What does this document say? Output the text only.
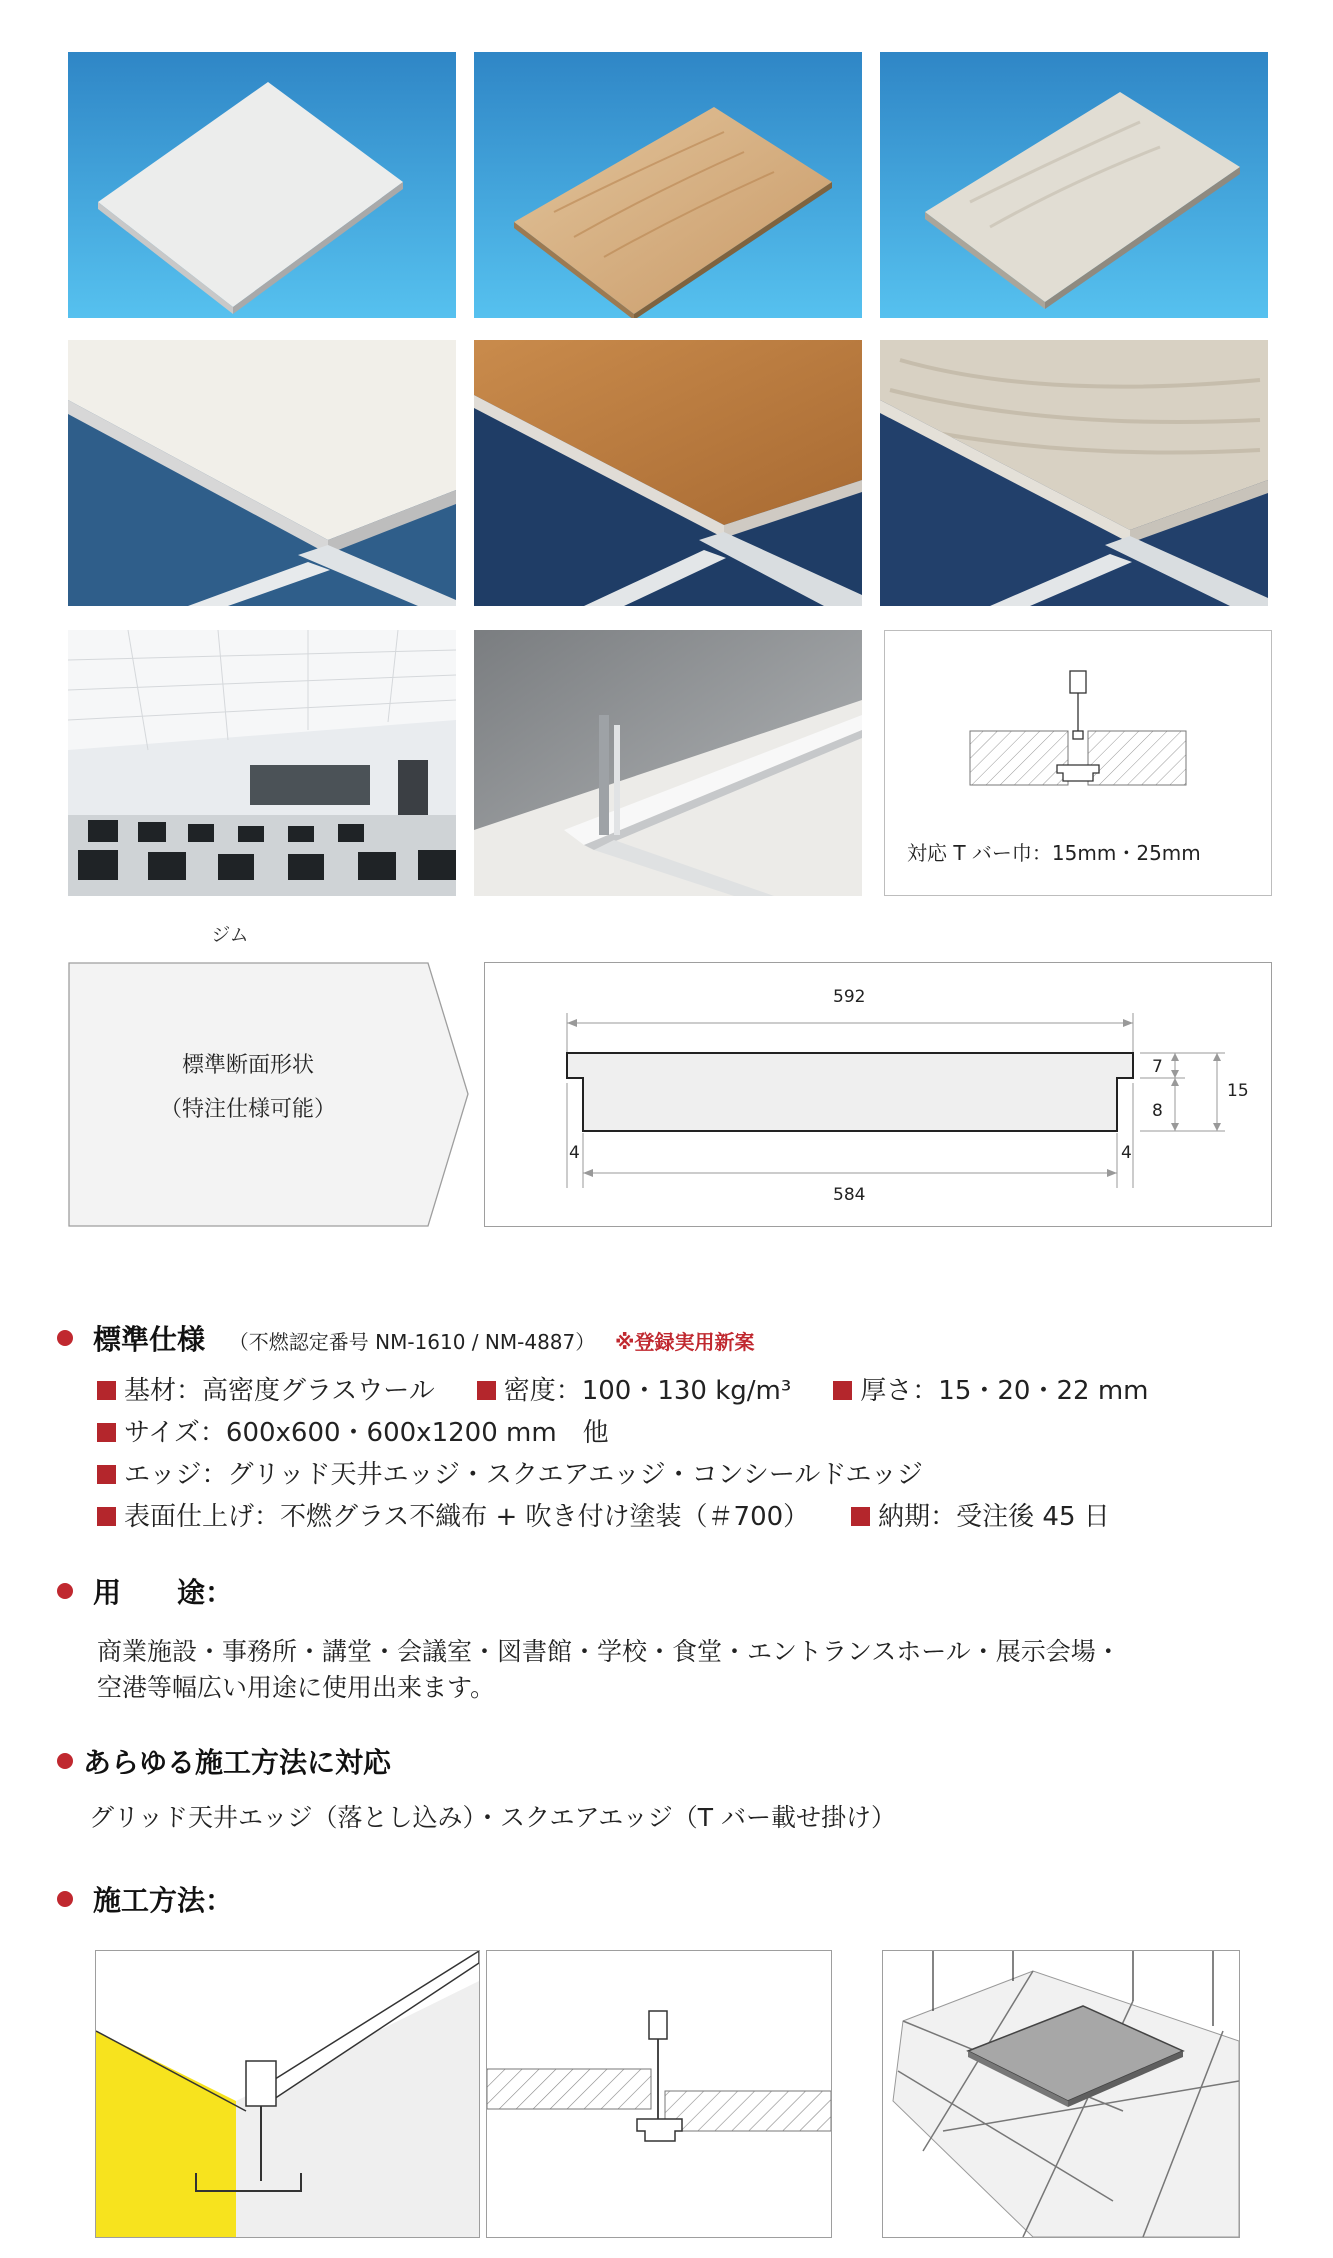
ジム
対応 T バー巾：15mm・25mm
標準断面形状
（特注仕様可能）
592
584
4	4
7
8
15
標準仕様 （不燃認定番号 NM-1610 / NM-4887） ※登録実用新案
基材：高密度グラスウール	密度：100・130 kg/m³	厚さ：15・20・22 mm
サイズ：600x600・600x1200 mm　他
エッジ：グリッド天井エッジ・スクエアエッジ・コンシールドエッジ
表面仕上げ：不燃グラス不織布 + 吹き付け塗装（＃700）	納期：受注後 45 日
用　　途：
商業施設・事務所・講堂・会議室・図書館・学校・食堂・エントランスホール・展示会場・
空港等幅広い用途に使用出来ます。
あらゆる施工方法に対応
グリッド天井エッジ（落とし込み）・スクエアエッジ（T バー載せ掛け）
施工方法：
